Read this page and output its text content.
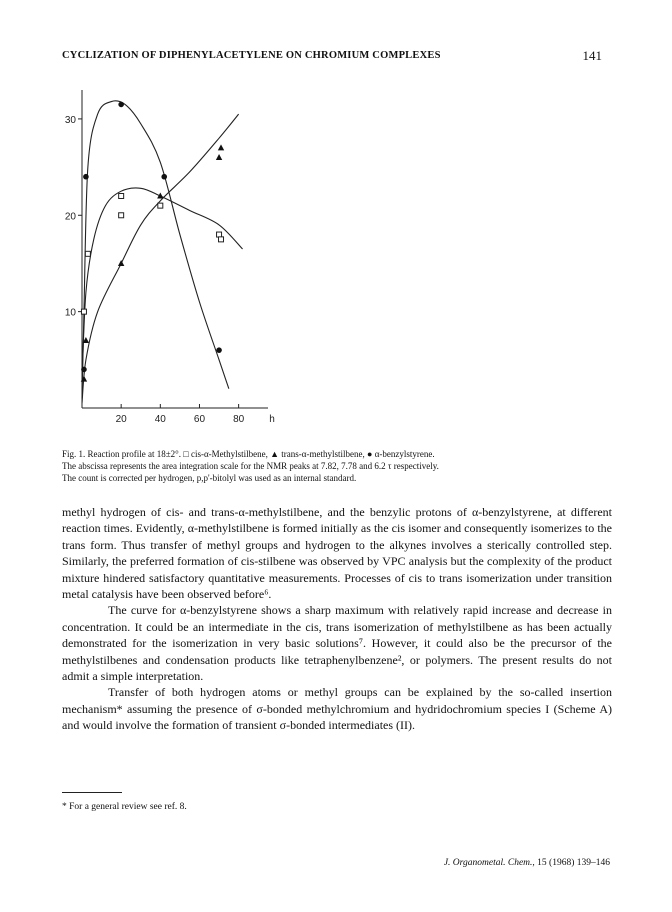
CYCLIZATION OF DIPHENYLACETYLENE ON CHROMIUM COMPLEXES	141
10
20
30
20	40	60	80	h

Fig. 1. Reaction profile at 18±2°. □ cis-α-Methylstilbene, ▲ trans-α-methylstilbene, ● α-benzylstyrene.

The abscissa represents the area integration scale for the NMR peaks at 7.82, 7.78 and 6.2 τ respectively.

The count is corrected per hydrogen, p,p'-bitolyl was used as an internal standard.

methyl hydrogen of cis- and trans-α-methylstilbene, and the benzylic protons of α-benzylstyrene, at different reaction times. Evidently, α-methylstilbene is formed initially as the cis isomer and consequently isomerizes to the trans form. Thus transfer of methyl groups and hydrogen to the alkynes involves a sterically controlled step. Similarly, the preferred formation of cis-stilbene was observed by VPC analysis but the complexity of the product mixture hindered satisfactory quantitative measurements. Processes of cis to trans isomerization under transition metal catalysis have been observed before⁶.

The curve for α-benzylstyrene shows a sharp maximum with relatively rapid increase and decrease in concentration. It could be an intermediate in the cis, trans isomerization of methylstilbene as has been actually demonstrated for the isomerization in very basic solutions⁷. However, it could also be the precursor of the methylstilbenes and condensation products like tetraphenylbenzene², or polymers. The present results do not admit a simple interpretation.

Transfer of both hydrogen atoms or methyl groups can be explained by the so-called insertion mechanism* assuming the presence of σ-bonded methylchromium and hydridochromium species I (Scheme A) and would involve the formation of transient σ-bonded intermediates (II).

* For a general review see ref. 8.
J. Organometal. Chem., 15 (1968) 139–146
